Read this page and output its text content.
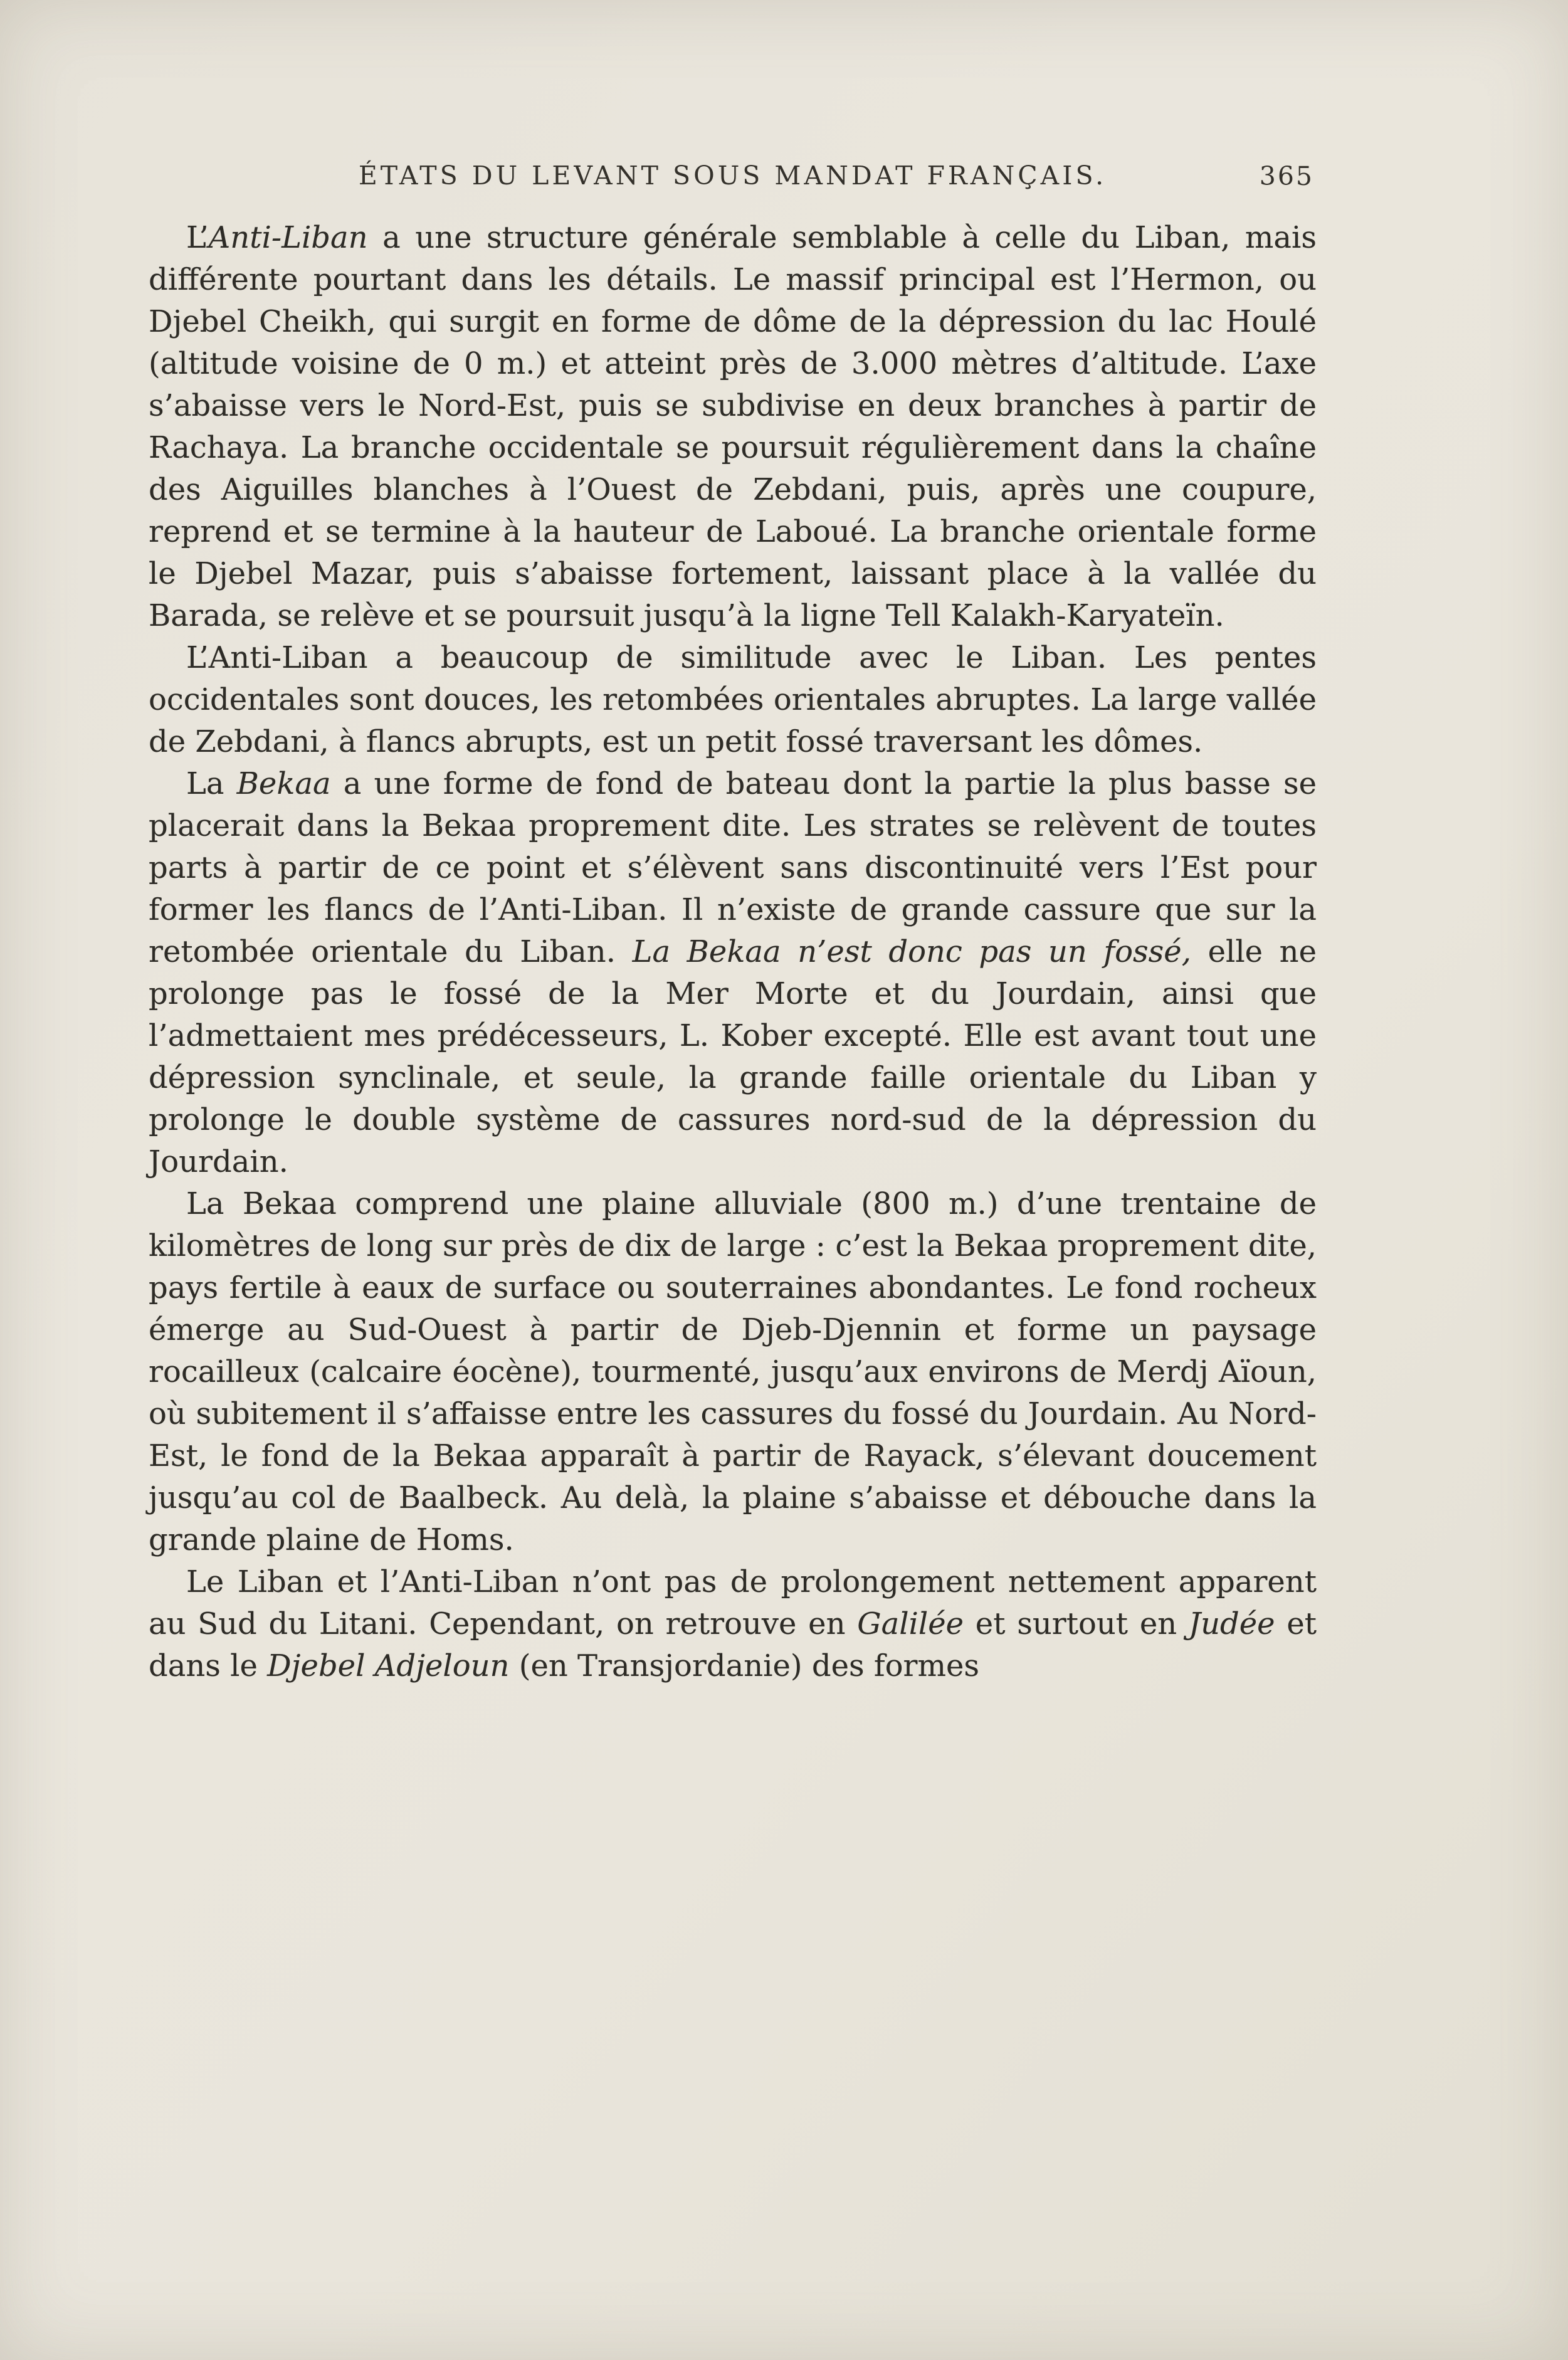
ÉTATS DU LEVANT SOUS MANDAT FRANÇAIS.	365

L’Anti-Liban a une structure générale semblable à celle du Liban, mais différente pourtant dans les détails. Le massif principal est l’Hermon, ou Djebel Cheikh, qui surgit en forme de dôme de la dépression du lac Houlé (altitude voisine de 0 m.) et atteint près de 3.000 mètres d’altitude. L’axe s’abaisse vers le Nord-Est, puis se subdivise en deux branches à partir de Rachaya. La branche occidentale se poursuit régulièrement dans la chaîne des Aiguilles blanches à l’Ouest de Zebdani, puis, après une coupure, reprend et se termine à la hauteur de Laboué. La branche orientale forme le Djebel Mazar, puis s’abaisse fortement, laissant place à la vallée du Barada, se relève et se poursuit jusqu’à la ligne Tell Kalakh-Karyateïn.

L’Anti-Liban a beaucoup de similitude avec le Liban. Les pentes occidentales sont douces, les retombées orientales abruptes. La large vallée de Zebdani, à flancs abrupts, est un petit fossé traversant les dômes.

La Bekaa a une forme de fond de bateau dont la partie la plus basse se placerait dans la Bekaa proprement dite. Les strates se relèvent de toutes parts à partir de ce point et s’élèvent sans discontinuité vers l’Est pour former les flancs de l’Anti-Liban. Il n’existe de grande cassure que sur la retombée orientale du Liban. La Bekaa n’est donc pas un fossé, elle ne prolonge pas le fossé de la Mer Morte et du Jourdain, ainsi que l’admettaient mes prédécesseurs, L. Kober excepté. Elle est avant tout une dépression synclinale, et seule, la grande faille orientale du Liban y prolonge le double système de cassures nord-sud de la dépression du Jourdain.

La Bekaa comprend une plaine alluviale (800 m.) d’une trentaine de kilomètres de long sur près de dix de large : c’est la Bekaa proprement dite, pays fertile à eaux de surface ou souterraines abondantes. Le fond rocheux émerge au Sud-Ouest à partir de Djeb-Djennin et forme un paysage rocailleux (calcaire éocène), tourmenté, jusqu’aux environs de Merdj Aïoun, où subitement il s’affaisse entre les cassures du fossé du Jourdain. Au Nord-Est, le fond de la Bekaa apparaît à partir de Rayack, s’élevant doucement jusqu’au col de Baalbeck. Au delà, la plaine s’abaisse et débouche dans la grande plaine de Homs.

Le Liban et l’Anti-Liban n’ont pas de prolongement nettement apparent au Sud du Litani. Cependant, on retrouve en Galilée et surtout en Judée et dans le Djebel Adjeloun (en Transjordanie) des formes
